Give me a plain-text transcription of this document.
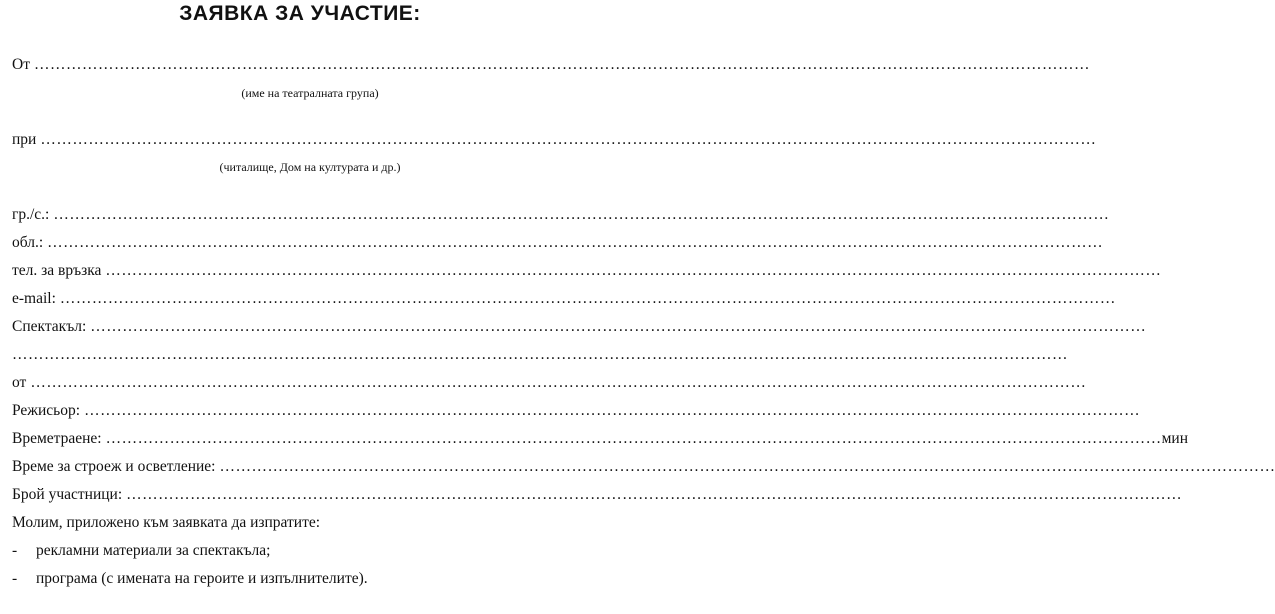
ЗАЯВКА ЗА УЧАСТИЕ:
От ………………………………………………………………………………………………………………………………………………………………………………
(име на театралната група)
при ………………………………………………………………………………………………………………………………………………………………………………
(читалище, Дом на културата и др.)
гр./с.: ………………………………………………………………………………………………………………………………………………………………………………
обл.: ………………………………………………………………………………………………………………………………………………………………………………
тел. за връзка ………………………………………………………………………………………………………………………………………………………………………………
e-mail: ………………………………………………………………………………………………………………………………………………………………………………
Спектакъл: ………………………………………………………………………………………………………………………………………………………………………………
………………………………………………………………………………………………………………………………………………………………………………
от ………………………………………………………………………………………………………………………………………………………………………………
Режисьор: ………………………………………………………………………………………………………………………………………………………………………………
Времетраене: ……………………………………………………………………………………………………………………………………………………………………………… мин
Време за строеж и осветление: ………………………………………………………………………………………………………………………………………………………………………………
Брой участници: ………………………………………………………………………………………………………………………………………………………………………………
Молим, приложено към заявката да изпратите:
- рекламни материали за спектакъла;
- програма (с имената на героите и изпълнителите).
